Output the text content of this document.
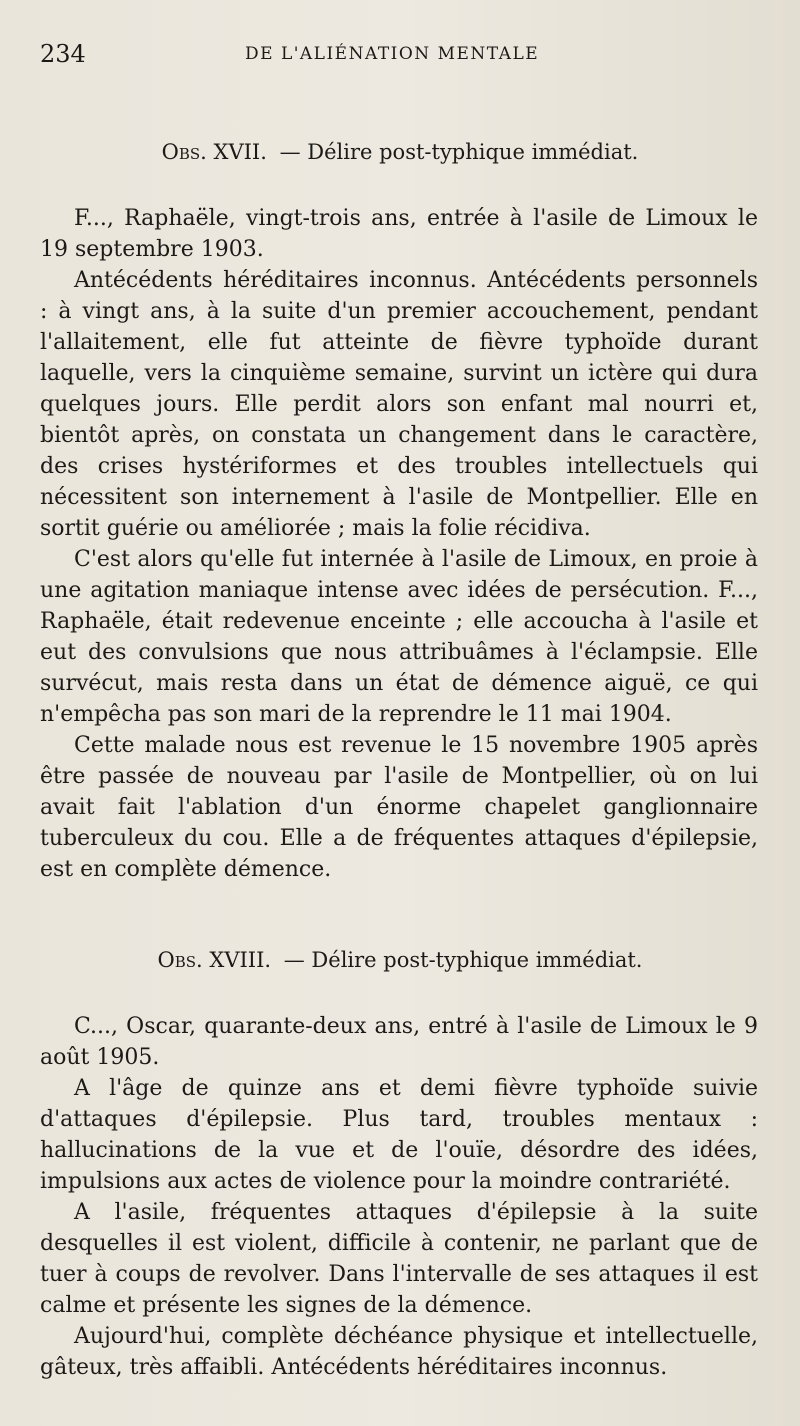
234	DE L'ALIÉNATION MENTALE
Obs. XVII. — Délire post-typhique immédiat.

F..., Raphaële, vingt-trois ans, entrée à l'asile de Limoux le 19 septembre 1903.

Antécédents héréditaires inconnus. Antécédents personnels : à vingt ans, à la suite d'un premier accouchement, pendant l'allaitement, elle fut atteinte de fièvre typhoïde durant laquelle, vers la cinquième semaine, survint un ictère qui dura quelques jours. Elle perdit alors son enfant mal nourri et, bientôt après, on constata un changement dans le caractère, des crises hystériformes et des troubles intellectuels qui nécessitent son internement à l'asile de Montpellier. Elle en sortit guérie ou améliorée ; mais la folie récidiva.

C'est alors qu'elle fut internée à l'asile de Limoux, en proie à une agitation maniaque intense avec idées de persécution. F..., Raphaële, était redevenue enceinte ; elle accoucha à l'asile et eut des convulsions que nous attribuâmes à l'éclampsie. Elle survécut, mais resta dans un état de démence aiguë, ce qui n'empêcha pas son mari de la reprendre le 11 mai 1904.

Cette malade nous est revenue le 15 novembre 1905 après être passée de nouveau par l'asile de Montpellier, où on lui avait fait l'ablation d'un énorme chapelet ganglionnaire tuberculeux du cou. Elle a de fréquentes attaques d'épilepsie, est en complète démence.

Obs. XVIII. — Délire post-typhique immédiat.

C..., Oscar, quarante-deux ans, entré à l'asile de Limoux le 9 août 1905.

A l'âge de quinze ans et demi fièvre typhoïde suivie d'attaques d'épilepsie. Plus tard, troubles mentaux : hallucinations de la vue et de l'ouïe, désordre des idées, impulsions aux actes de violence pour la moindre contrariété.

A l'asile, fréquentes attaques d'épilepsie à la suite desquelles il est violent, difficile à contenir, ne parlant que de tuer à coups de revolver. Dans l'intervalle de ses attaques il est calme et présente les signes de la démence.

Aujourd'hui, complète déchéance physique et intellectuelle, gâteux, très affaibli. Antécédents héréditaires inconnus.
